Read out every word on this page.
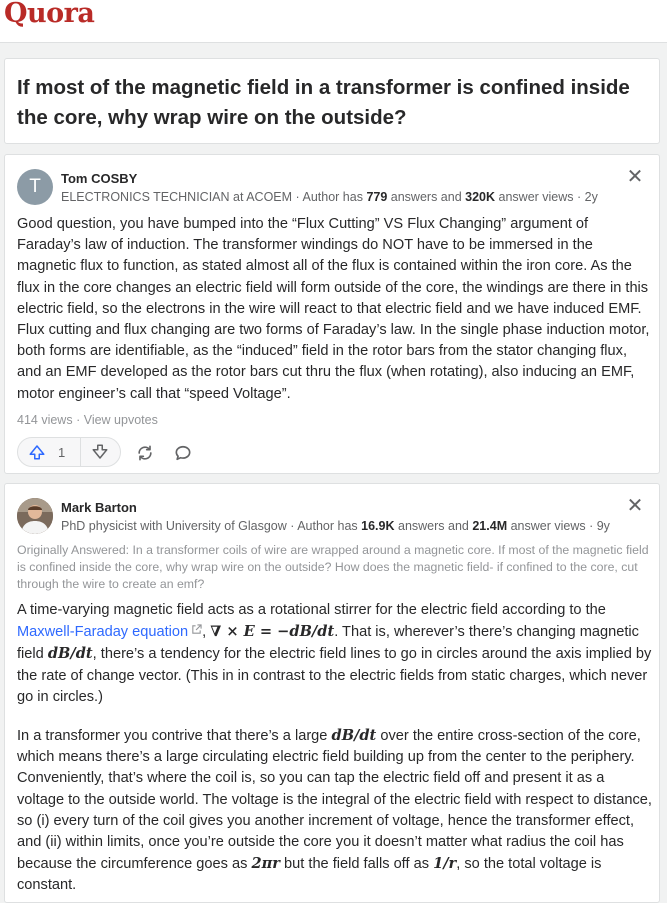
Quora
If most of the magnetic field in a transformer is confined inside the core, why wrap wire on the outside?
T Tom COSBY
ELECTRONICS TECHNICIAN at ACOEM · Author has 779 answers and 320K answer views · 2y
✕
Good question, you have bumped into the “Flux Cutting” VS Flux Changing” argument of Faraday’s law of induction. The transformer windings do NOT have to be immersed in the magnetic flux to function, as stated almost all of the flux is contained within the iron core. As the flux in the core changes an electric field will form outside of the core, the windings are there in this electric field, so the electrons in the wire will react to that electric field and we have induced EMF. Flux cutting and flux changing are two forms of Faraday’s law. In the single phase induction motor, both forms are identifiable, as the “induced” field in the rotor bars from the stator changing flux, and an EMF developed as the rotor bars cut thru the flux (when rotating), also inducing an EMF, motor engineer’s call that “speed Voltage”.
414 views · View upvotes
1
Mark Barton
PhD physicist with University of Glasgow · Author has 16.9K answers and 21.4M answer views · 9y
✕
Originally Answered: In a transformer coils of wire are wrapped around a magnetic core. If most of the magnetic field is confined inside the core, why wrap wire on the outside? How does the magnetic field- if confined to the core, cut through the wire to create an emf?
A time-varying magnetic field acts as a rotational stirrer for the electric field according to the Maxwell-Faraday equation , ∇ × E = −dB/dt. That is, wherever’s there’s changing magnetic field dB/dt, there’s a tendency for the electric field lines to go in circles around the axis implied by the rate of change vector. (This in in contrast to the electric fields from static charges, which never go in circles.)
In a transformer you contrive that there’s a large dB/dt over the entire cross-section of the core, which means there’s a large circulating electric field building up from the center to the periphery. Conveniently, that’s where the coil is, so you can tap the electric field off and present it as a voltage to the outside world. The voltage is the integral of the electric field with respect to distance, so (i) every turn of the coil gives you another increment of voltage, hence the transformer effect, and (ii) within limits, once you’re outside the core you it doesn’t matter what radius the coil has because the circumference goes as 2πr but the field falls off as 1/r, so the total voltage is constant.
